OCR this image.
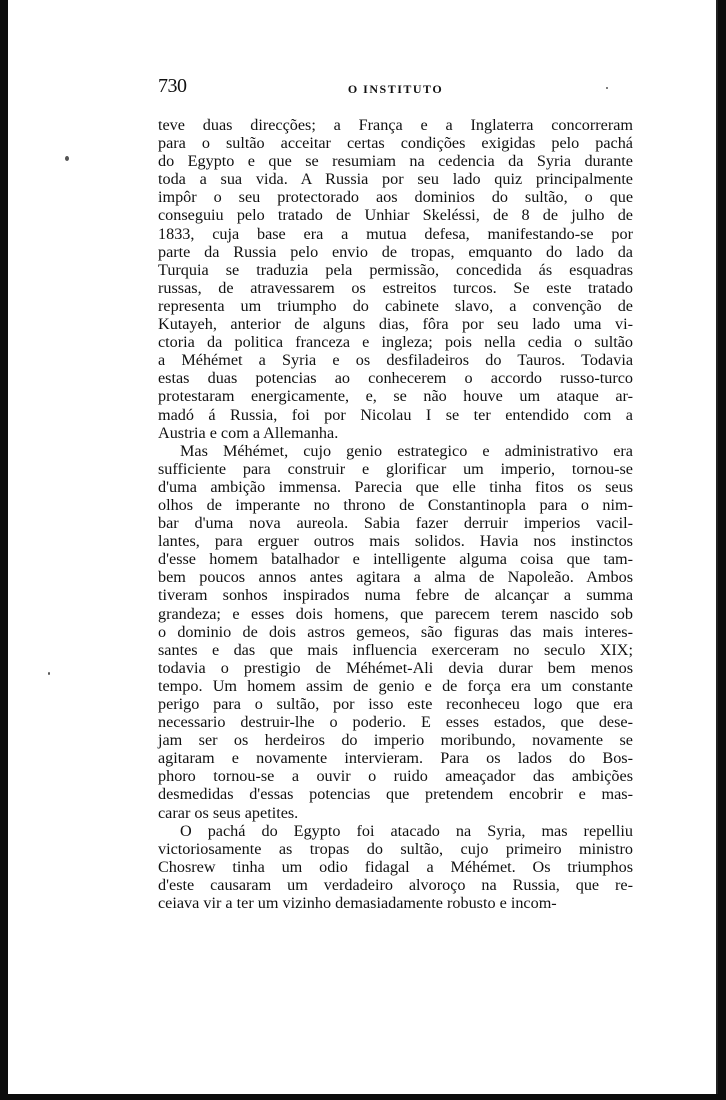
730	O INSTITUTO
teve duas direcções; a França e a Inglaterra concorreram
para o sultão acceitar certas condições exigidas pelo pachá
do Egypto e que se resumiam na cedencia da Syria durante
toda a sua vida. A Russia por seu lado quiz principalmente
impôr o seu protectorado aos dominios do sultão, o que
conseguiu pelo tratado de Unhiar Skeléssi, de 8 de julho de
1833, cuja base era a mutua defesa, manifestando-se por
parte da Russia pelo envio de tropas, emquanto do lado da
Turquia se traduzia pela permissão, concedida ás esquadras
russas, de atravessarem os estreitos turcos. Se este tratado
representa um triumpho do cabinete slavo, a convenção de
Kutayeh, anterior de alguns dias, fôra por seu lado uma vi-
ctoria da politica franceza e ingleza; pois nella cedia o sultão
a Méhémet a Syria e os desfiladeiros do Tauros. Todavia
estas duas potencias ao conhecerem o accordo russo-turco
protestaram energicamente, e, se não houve um ataque ar-
madó á Russia, foi por Nicolau I se ter entendido com a
Austria e com a Allemanha.
Mas Méhémet, cujo genio estrategico e administrativo era
sufficiente para construir e glorificar um imperio, tornou-se
d'uma ambição immensa. Parecia que elle tinha fitos os seus
olhos de imperante no throno de Constantinopla para o nim-
bar d'uma nova aureola. Sabia fazer derruir imperios vacil-
lantes, para erguer outros mais solidos. Havia nos instinctos
d'esse homem batalhador e intelligente alguma coisa que tam-
bem poucos annos antes agitara a alma de Napoleão. Ambos
tiveram sonhos inspirados numa febre de alcançar a summa
grandeza; e esses dois homens, que parecem terem nascido sob
o dominio de dois astros gemeos, são figuras das mais interes-
santes e das que mais influencia exerceram no seculo XIX;
todavia o prestigio de Méhémet-Ali devia durar bem menos
tempo. Um homem assim de genio e de força era um constante
perigo para o sultão, por isso este reconheceu logo que era
necessario destruir-lhe o poderio. E esses estados, que dese-
jam ser os herdeiros do imperio moribundo, novamente se
agitaram e novamente intervieram. Para os lados do Bos-
phoro tornou-se a ouvir o ruido ameaçador das ambições
desmedidas d'essas potencias que pretendem encobrir e mas-
carar os seus apetites.
O pachá do Egypto foi atacado na Syria, mas repelliu
victoriosamente as tropas do sultão, cujo primeiro ministro
Chosrew tinha um odio fidagal a Méhémet. Os triumphos
d'este causaram um verdadeiro alvoroço na Russia, que re-
ceiava vir a ter um vizinho demasiadamente robusto e incom-
